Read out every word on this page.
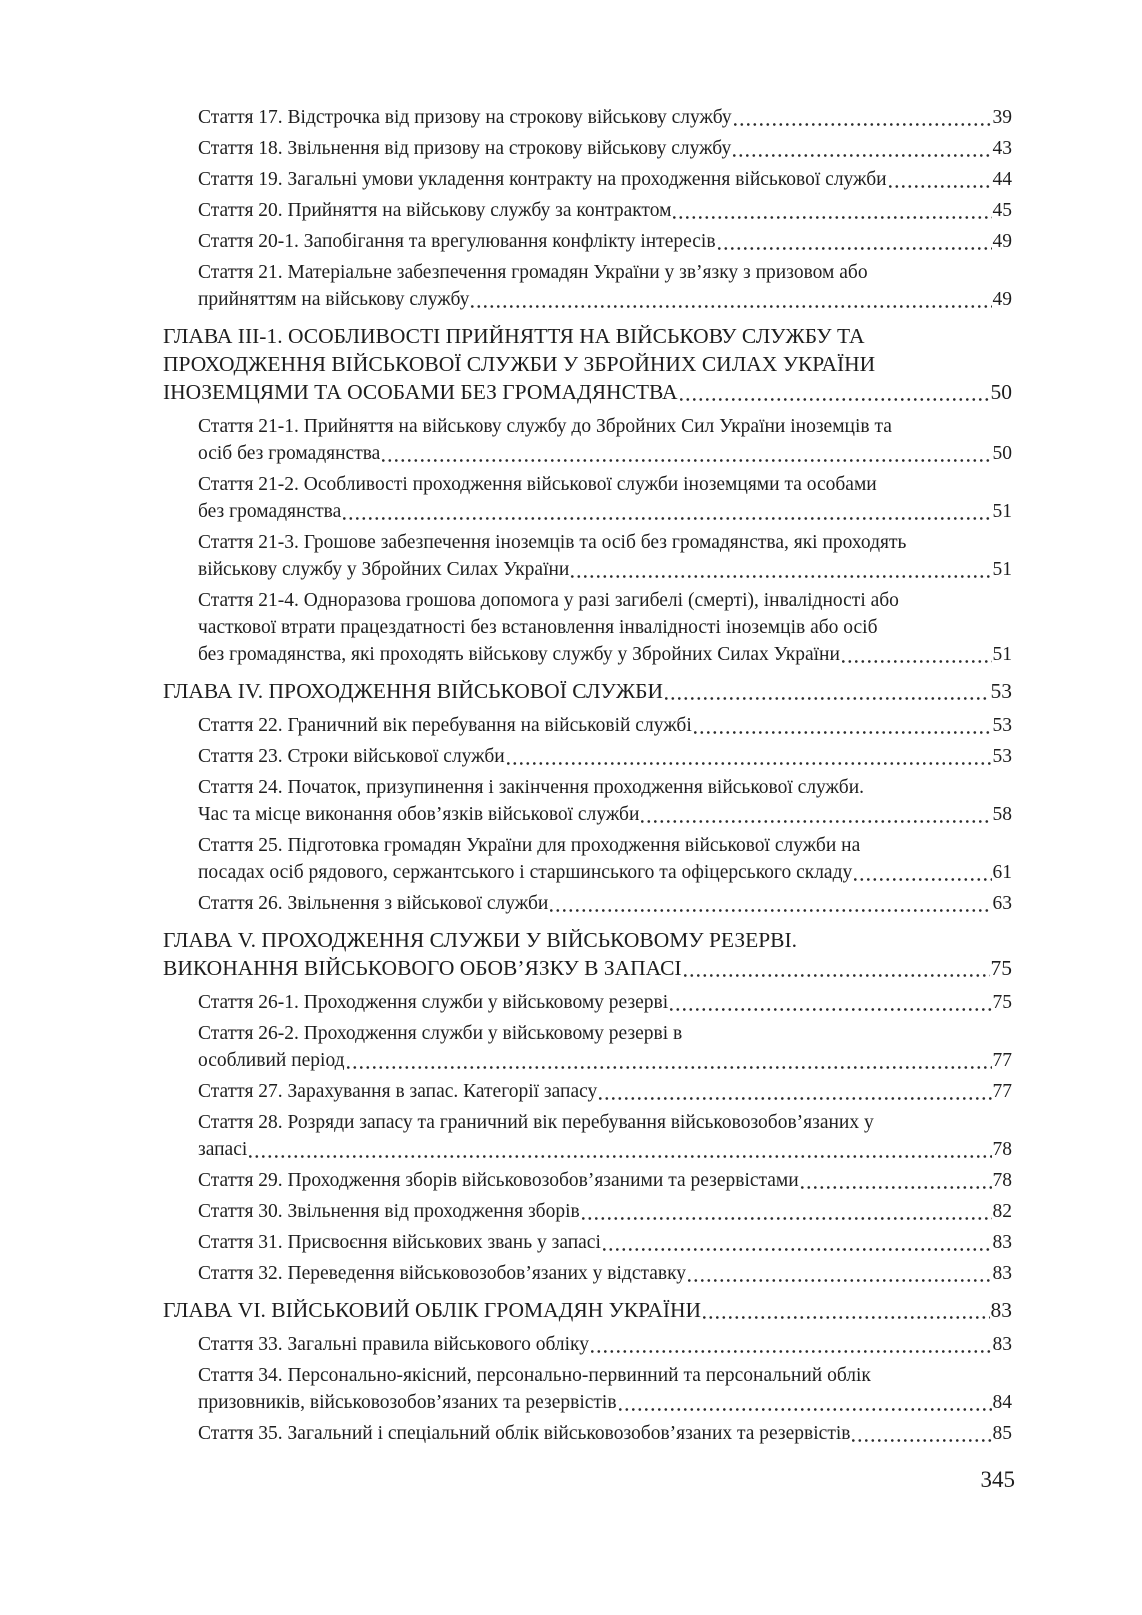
Стаття 17. Відстрочка від призову на строкову військову службу	39
Стаття 18. Звільнення від призову на строкову військову службу	43
Стаття 19. Загальні умови укладення контракту на проходження військової служби	44
Стаття 20. Прийняття на військову службу за контрактом	45
Стаття 20-1. Запобігання та врегулювання конфлікту інтересів	49
Стаття 21. Матеріальне забезпечення громадян України у зв’язку з призовом або
прийняттям на військову службу	49
ГЛАВА III-1. ОСОБЛИВОСТІ ПРИЙНЯТТЯ НА ВІЙСЬКОВУ СЛУЖБУ ТА
ПРОХОДЖЕННЯ ВІЙСЬКОВОЇ СЛУЖБИ У ЗБРОЙНИХ СИЛАХ УКРАЇНИ
ІНОЗЕМЦЯМИ ТА ОСОБАМИ БЕЗ ГРОМАДЯНСТВА	50
Стаття 21-1. Прийняття на військову службу до Збройних Сил України іноземців та
осіб без громадянства	50
Стаття 21-2. Особливості проходження військової служби іноземцями та особами
без громадянства	51
Стаття 21-3. Грошове забезпечення іноземців та осіб без громадянства, які проходять
військову службу у Збройних Силах України	51
Стаття 21-4. Одноразова грошова допомога у разі загибелі (смерті), інвалідності або
часткової втрати працездатності без встановлення інвалідності іноземців або осіб
без громадянства, які проходять військову службу у Збройних Силах України	51
ГЛАВА IV. ПРОХОДЖЕННЯ ВІЙСЬКОВОЇ СЛУЖБИ	53
Стаття 22. Граничний вік перебування на військовій службі	53
Стаття 23. Строки військової служби	53
Стаття 24. Початок, призупинення і закінчення проходження військової служби.
Час та місце виконання обов’язків військової служби	58
Стаття 25. Підготовка громадян України для проходження військової служби на
посадах осіб рядового, сержантського і старшинського та офіцерського складу	61
Стаття 26. Звільнення з військової служби	63
ГЛАВА V. ПРОХОДЖЕННЯ СЛУЖБИ У ВІЙСЬКОВОМУ РЕЗЕРВІ.
ВИКОНАННЯ ВІЙСЬКОВОГО ОБОВ’ЯЗКУ В ЗАПАСІ	75
Стаття 26-1. Проходження служби у військовому резерві	75
Стаття 26-2. Проходження служби у військовому резерві в
особливий період	77
Стаття 27. Зарахування в запас. Категорії запасу	77
Стаття 28. Розряди запасу та граничний вік перебування військовозобов’язаних у
запасі	78
Стаття 29. Проходження зборів військовозобов’язаними та резервістами	78
Стаття 30. Звільнення від проходження зборів	82
Стаття 31. Присвоєння військових звань у запасі	83
Стаття 32. Переведення військовозобов’язаних у відставку	83
ГЛАВА VI. ВІЙСЬКОВИЙ ОБЛІК ГРОМАДЯН УКРАЇНИ	83
Стаття 33. Загальні правила військового обліку	83
Стаття 34. Персонально-якісний, персонально-первинний та персональний облік
призовників, військовозобов’язаних та резервістів	84
Стаття 35. Загальний і спеціальний облік військовозобов’язаних та резервістів	85
345
